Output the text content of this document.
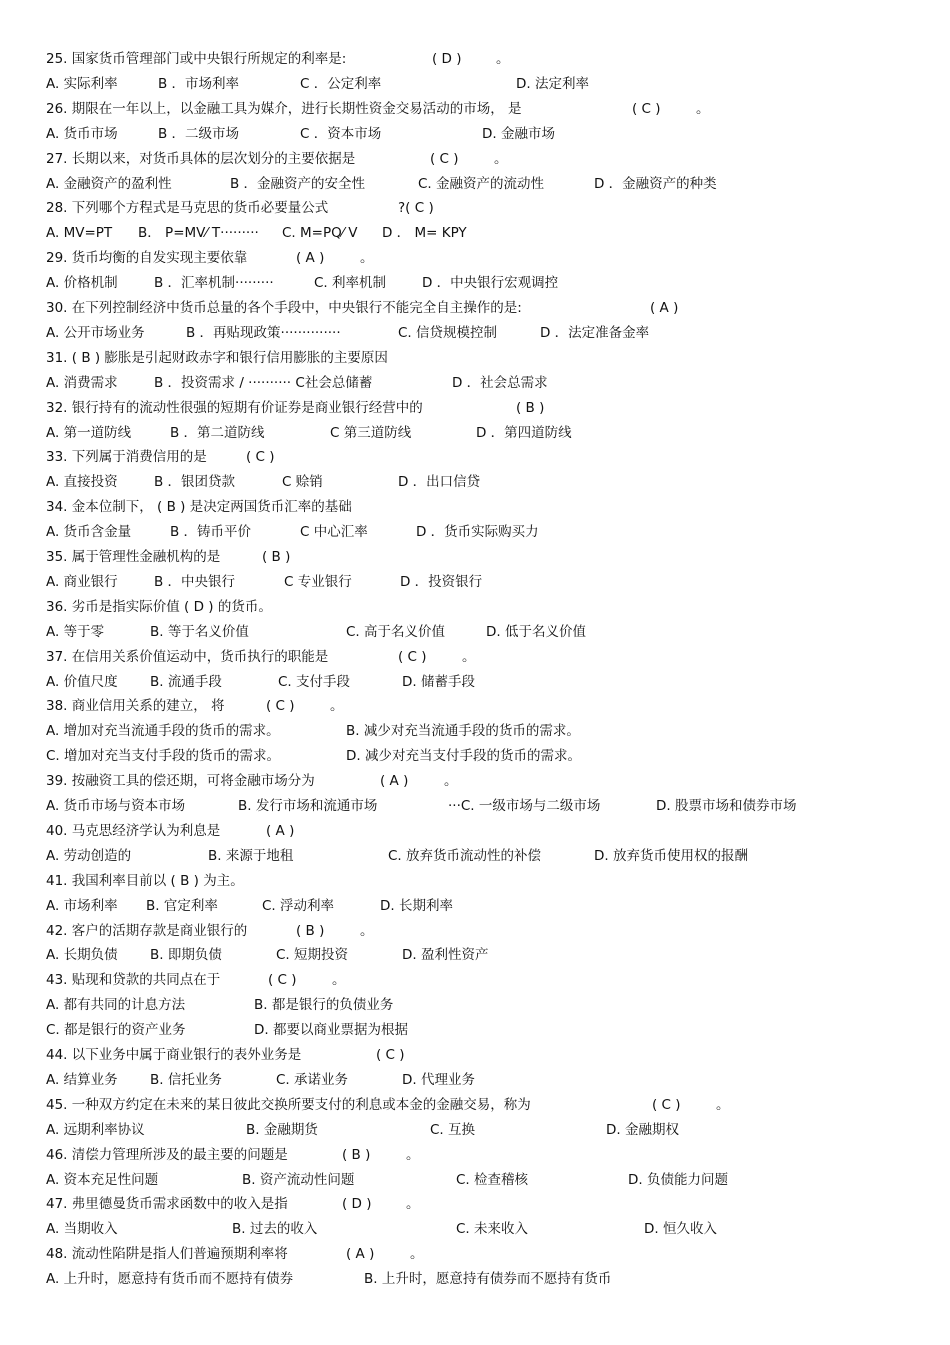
25. 国家货币管理部门或中央银行所规定的利率是:	( D )	。
A. 实际利率	B ．市场利率	C ．公定利率	D. 法定利率
26. 期限在一年以上，以金融工具为媒介，进行长期性资金交易活动的市场， 是	( C )	。
A. 货币市场	B ．二级市场	C ．资本市场	D. 金融市场
27. 长期以来，对货币具体的层次划分的主要依据是	( C )	。
A. 金融资产的盈利性	B ．金融资产的安全性	C. 金融资产的流动性	D ．金融资产的种类
28. 下列哪个方程式是马克思的货币必要量公式	?( C )
A. MV=PT B． P=MV⁄ T········· C. M=PQ⁄ V D ． M= KPY
29. 货币均衡的自发实现主要依靠	( A )	。
A. 价格机制	B ．汇率机制·········	C. 利率机制	D ．中央银行宏观调控
30. 在下列控制经济中货币总量的各个手段中，中央银行不能完全自主操作的是:	( A )
A. 公开市场业务	B ．再贴现政策··············	C. 信贷规模控制	D ．法定准备金率
31. ( B ) 膨胀是引起财政赤字和银行信用膨胀的主要原因
A. 消费需求	B ．投资需求 / ·········· C社会总储蓄	D ．社会总需求
32. 银行持有的流动性很强的短期有价证券是商业银行经营中的	( B )
A. 第一道防线	B ．第二道防线	C 第三道防线	D ．第四道防线
33. 下列属于消费信用的是	( C )
A. 直接投资	B ．银团贷款	C 赊销	D ．出口信贷
34. 金本位制下， ( B ) 是决定两国货币汇率的基础
A. 货币含金量	B ．铸币平价	C 中心汇率	D ．货币实际购买力
35. 属于管理性金融机构的是	( B )
A. 商业银行	B ．中央银行	C 专业银行	D ．投资银行
36. 劣币是指实际价值 ( D ) 的货币。
A. 等于零	B. 等于名义价值	C. 高于名义价值	D. 低于名义价值
37. 在信用关系价值运动中，货币执行的职能是	( C )	。
A. 价值尺度 B. 流通手段	C. 支付手段	D. 储蓄手段
38. 商业信用关系的建立， 将	( C )	。
A. 增加对充当流通手段的货币的需求。	B. 减少对充当流通手段的货币的需求。
C. 增加对充当支付手段的货币的需求。	D. 减少对充当支付手段的货币的需求。
39. 按融资工具的偿还期，可将金融市场分为	( A )	。
A. 货币市场与资本市场	B. 发行市场和流通市场	···C. 一级市场与二级市场	D. 股票市场和债券市场
40. 马克思经济学认为利息是	( A )
A. 劳动创造的	B. 来源于地租	C. 放弃货币流动性的补偿	D. 放弃货币使用权的报酬
41. 我国利率目前以 ( B ) 为主。
A. 市场利率 B. 官定利率	C. 浮动利率	D. 长期利率
42. 客户的活期存款是商业银行的	( B )	。
A. 长期负债 B. 即期负债	C. 短期投资	D. 盈利性资产
43. 贴现和贷款的共同点在于	( C )	。
A. 都有共同的计息方法	B. 都是银行的负债业务
C. 都是银行的资产业务	D. 都要以商业票据为根据
44. 以下业务中属于商业银行的表外业务是	( C )
A. 结算业务 B. 信托业务	C. 承诺业务	D. 代理业务
45. 一种双方约定在未来的某日彼此交换所要支付的利息或本金的金融交易，称为	( C )	。
A. 远期利率协议	B. 金融期货	C. 互换	D. 金融期权
46. 清偿力管理所涉及的最主要的问题是	( B )	。
A. 资本充足性问题	B. 资产流动性问题	C. 检查稽核	D. 负债能力问题
47. 弗里德曼货币需求函数中的收入是指	( D )	。
A. 当期收入	B. 过去的收入	C. 未来收入	D. 恒久收入
48. 流动性陷阱是指人们普遍预期利率将	( A )	。
A. 上升时，愿意持有货币而不愿持有债券	B. 上升时，愿意持有债券而不愿持有货币
